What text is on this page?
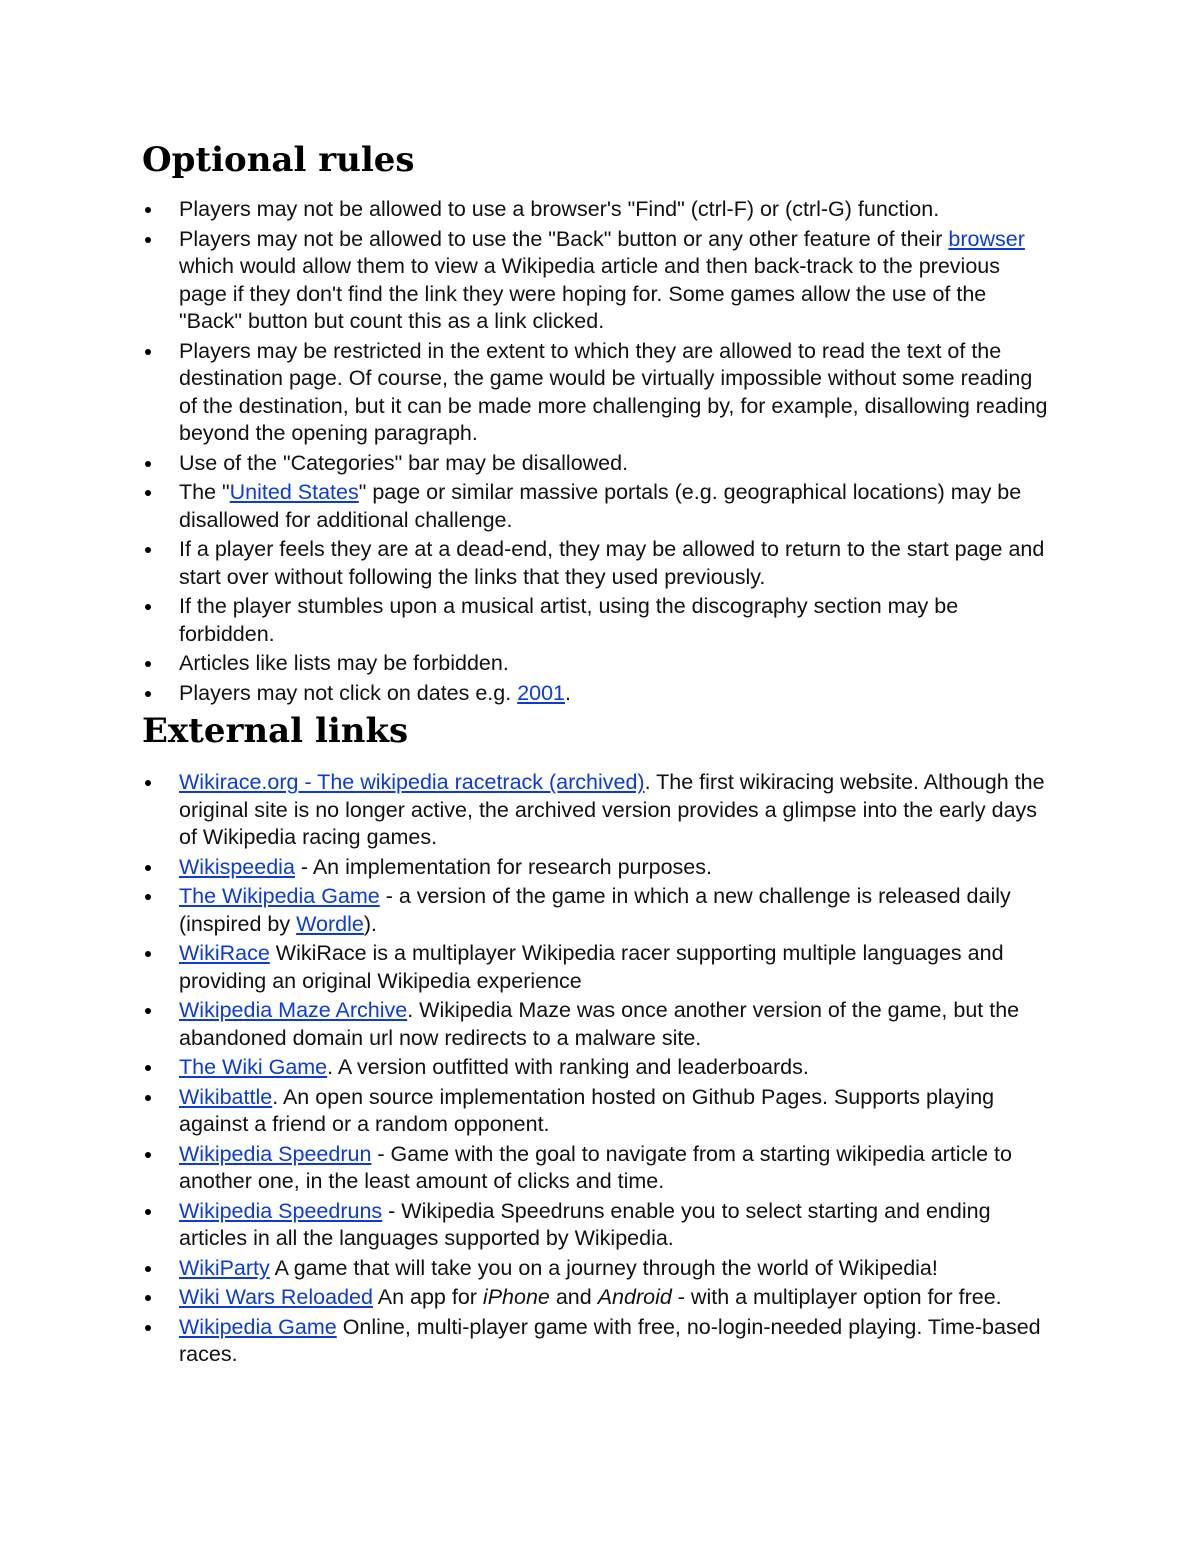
Optional rules
Players may not be allowed to use a browser's "Find" (ctrl-F) or (ctrl-G) function.
Players may not be allowed to use the "Back" button or any other feature of their browser which would allow them to view a Wikipedia article and then back-track to the previous page if they don't find the link they were hoping for. Some games allow the use of the "Back" button but count this as a link clicked.
Players may be restricted in the extent to which they are allowed to read the text of the destination page. Of course, the game would be virtually impossible without some reading of the destination, but it can be made more challenging by, for example, disallowing reading beyond the opening paragraph.
Use of the "Categories" bar may be disallowed.
The "United States" page or similar massive portals (e.g. geographical locations) may be disallowed for additional challenge.
If a player feels they are at a dead-end, they may be allowed to return to the start page and start over without following the links that they used previously.
If the player stumbles upon a musical artist, using the discography section may be forbidden.
Articles like lists may be forbidden.
Players may not click on dates e.g. 2001.
External links
Wikirace.org - The wikipedia racetrack (archived). The first wikiracing website. Although the original site is no longer active, the archived version provides a glimpse into the early days of Wikipedia racing games.
Wikispeedia - An implementation for research purposes.
The Wikipedia Game - a version of the game in which a new challenge is released daily (inspired by Wordle).
WikiRace WikiRace is a multiplayer Wikipedia racer supporting multiple languages and providing an original Wikipedia experience
Wikipedia Maze Archive. Wikipedia Maze was once another version of the game, but the abandoned domain url now redirects to a malware site.
The Wiki Game. A version outfitted with ranking and leaderboards.
Wikibattle. An open source implementation hosted on Github Pages. Supports playing against a friend or a random opponent.
Wikipedia Speedrun - Game with the goal to navigate from a starting wikipedia article to another one, in the least amount of clicks and time.
Wikipedia Speedruns - Wikipedia Speedruns enable you to select starting and ending articles in all the languages supported by Wikipedia.
WikiParty A game that will take you on a journey through the world of Wikipedia!
Wiki Wars Reloaded An app for iPhone and Android - with a multiplayer option for free.
Wikipedia Game Online, multi-player game with free, no-login-needed playing. Time-based races.
